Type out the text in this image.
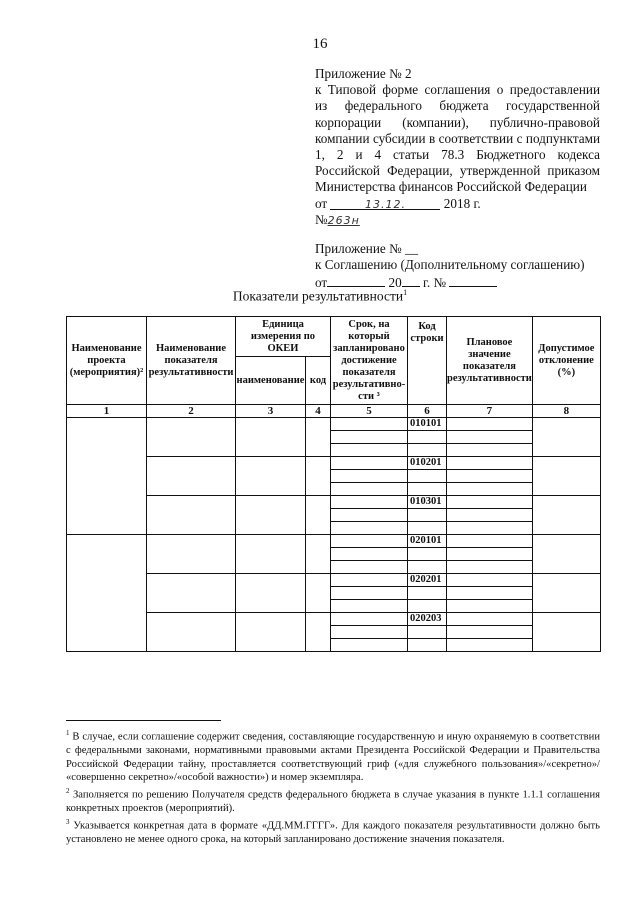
16

Приложение № 2

к Типовой форме соглашения о предоставлении из федерального бюджета государственной корпорации (компании), публично-правовой компании субсидии в соответствии с подпунктами 1, 2 и 4 статьи 78.3 Бюджетного кодекса Российской Федерации, утвержденной приказом Министерства финансов Российской Федерации

от	13.12.	2018 г.

№263н

Приложение № __

к Соглашению (Дополнительному соглашению)

от	20 г. №

Показатели результативности$^1$
Наименование проекта (мероприятия)²	Наименование показателя результативности	Единица измерения по ОКЕИ		Срок, на который запланировано достижение показателя результативно-сти ³	Код строки	Плановое значение показателя результативности	Допустимое отклонение (%)
		наименование	код				
1	2	3	4	5	6	7	8
					010101		

					010201		

					010301		

					020101		

					020201		

					020203		

$^1$ В случае, если соглашение содержит сведения, составляющие государственную и иную охраняемую в соответствии с федеральными законами, нормативными правовыми актами Президента Российской Федерации и Правительства Российской Федерации тайну, проставляется соответствующий гриф («для служебного пользования»/«секретно»/ «совершенно секретно»/«особой важности») и номер экземпляра.

$^2$ Заполняется по решению Получателя средств федерального бюджета в случае указания в пункте 1.1.1 соглашения конкретных проектов (мероприятий).

$^3$ Указывается конкретная дата в формате «ДД.ММ.ГГГГ». Для каждого показателя результативности должно быть установлено не менее одного срока, на который запланировано достижение значения показателя.
